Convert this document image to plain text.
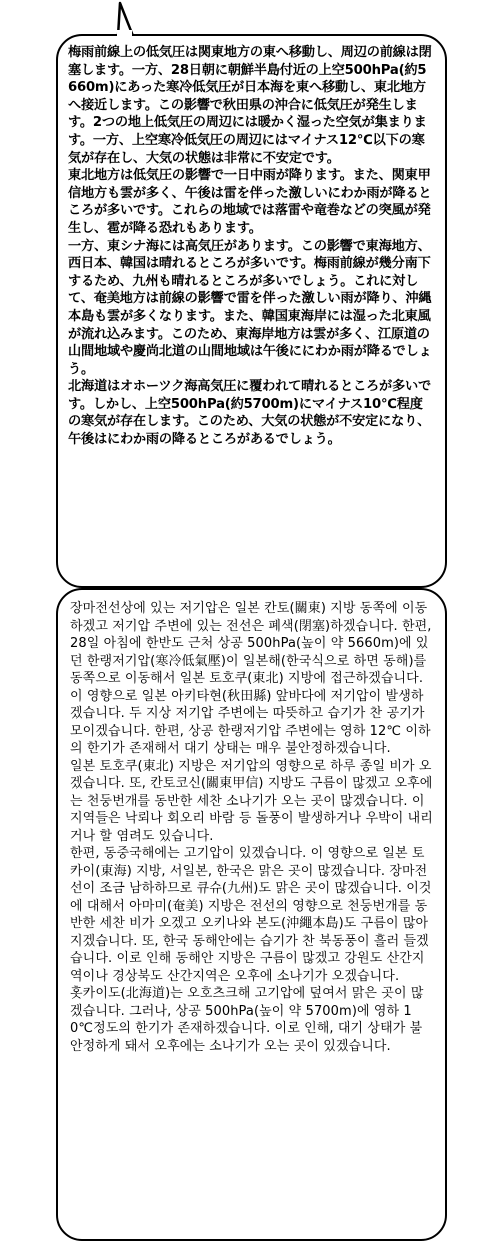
梅雨前線上の低気圧は関東地方の東へ移動し、周辺の前線は閉塞します。一方、28日朝に朝鮮半島付近の上空500hPa(約5660m)にあった寒冷低気圧が日本海を東へ移動し、東北地方へ接近します。この影響で秋田県の沖合に低気圧が発生します。2つの地上低気圧の周辺には暖かく湿った空気が集まります。一方、上空寒冷低気圧の周辺にはマイナス12℃以下の寒気が存在し、大気の状態は非常に不安定です。

東北地方は低気圧の影響で一日中雨が降ります。また、関東甲信地方も雲が多く、午後は雷を伴った激しいにわか雨が降るところが多いです。これらの地域では落雷や竜巻などの突風が発生し、雹が降る恐れもあります。

一方、東シナ海には高気圧があります。この影響で東海地方、西日本、韓国は晴れるところが多いです。梅雨前線が幾分南下するため、九州も晴れるところが多いでしょう。これに対して、奄美地方は前線の影響で雷を伴った激しい雨が降り、沖縄本島も雲が多くなります。また、韓国東海岸には湿った北東風が流れ込みます。このため、東海岸地方は雲が多く、江原道の山間地域や慶尚北道の山間地域は午後ににわか雨が降るでしょう。

北海道はオホーツク海高気圧に覆われて晴れるところが多いです。しかし、上空500hPa(約5700m)にマイナス10℃程度の寒気が存在します。このため、大気の状態が不安定になり、午後はにわか雨の降るところがあるでしょう。

장마전선상에 있는 저기압은 일본 칸토(關東) 지방 동쪽에 이동하겠고 저기압 주변에 있는 전선은 폐색(閉塞)하겠습니다. 한편, 28일 아침에 한반도 근처 상공 500hPa(높이 약 5660m)에 있던 한랭저기압(寒冷低氣壓)이 일본해(한국식으로 하면 동해)를 동쪽으로 이동해서 일본 토호쿠(東北) 지방에 접근하겠습니다. 이 영향으로 일본 아키타현(秋田縣) 앞바다에 저기압이 발생하겠습니다. 두 지상 저기압 주변에는 따뜻하고 습기가 찬 공기가 모이겠습니다. 한편, 상공 한랭저기압 주변에는 영하 12℃ 이하의 한기가 존재해서 대기 상태는 매우 불안정하겠습니다.

일본 토호쿠(東北) 지방은 저기압의 영향으로 하루 종일 비가 오겠습니다. 또, 칸토코신(關東甲信) 지방도 구름이 많겠고 오후에는 천둥번개를 동반한 세찬 소나기가 오는 곳이 많겠습니다. 이 지역들은 낙뢰나 회오리 바람 등 돌풍이 발생하거나 우박이 내리거나 할 염려도 있습니다.

한편, 동중국해에는 고기압이 있겠습니다. 이 영향으로 일본 토카이(東海) 지방, 서일본, 한국은 맑은 곳이 많겠습니다. 장마전선이 조금 남하하므로 큐슈(九州)도 맑은 곳이 많겠습니다. 이것에 대해서 아마미(奄美) 지방은 전선의 영향으로 천둥번개를 동반한 세찬 비가 오겠고 오키나와 본도(沖繩本島)도 구름이 많아지겠습니다. 또, 한국 동해안에는 습기가 찬 북동풍이 흘러 들겠습니다. 이로 인해 동해안 지방은 구름이 많겠고 강원도 산간지역이나 경상북도 산간지역은 오후에 소나기가 오겠습니다.

홋카이도(北海道)는 오호츠크해 고기압에 덮여서 맑은 곳이 많겠습니다. 그러나, 상공 500hPa(높이 약 5700m)에 영하 10℃정도의 한기가 존재하겠습니다. 이로 인해, 대기 상태가 불안정하게 돼서 오후에는 소나기가 오는 곳이 있겠습니다.
